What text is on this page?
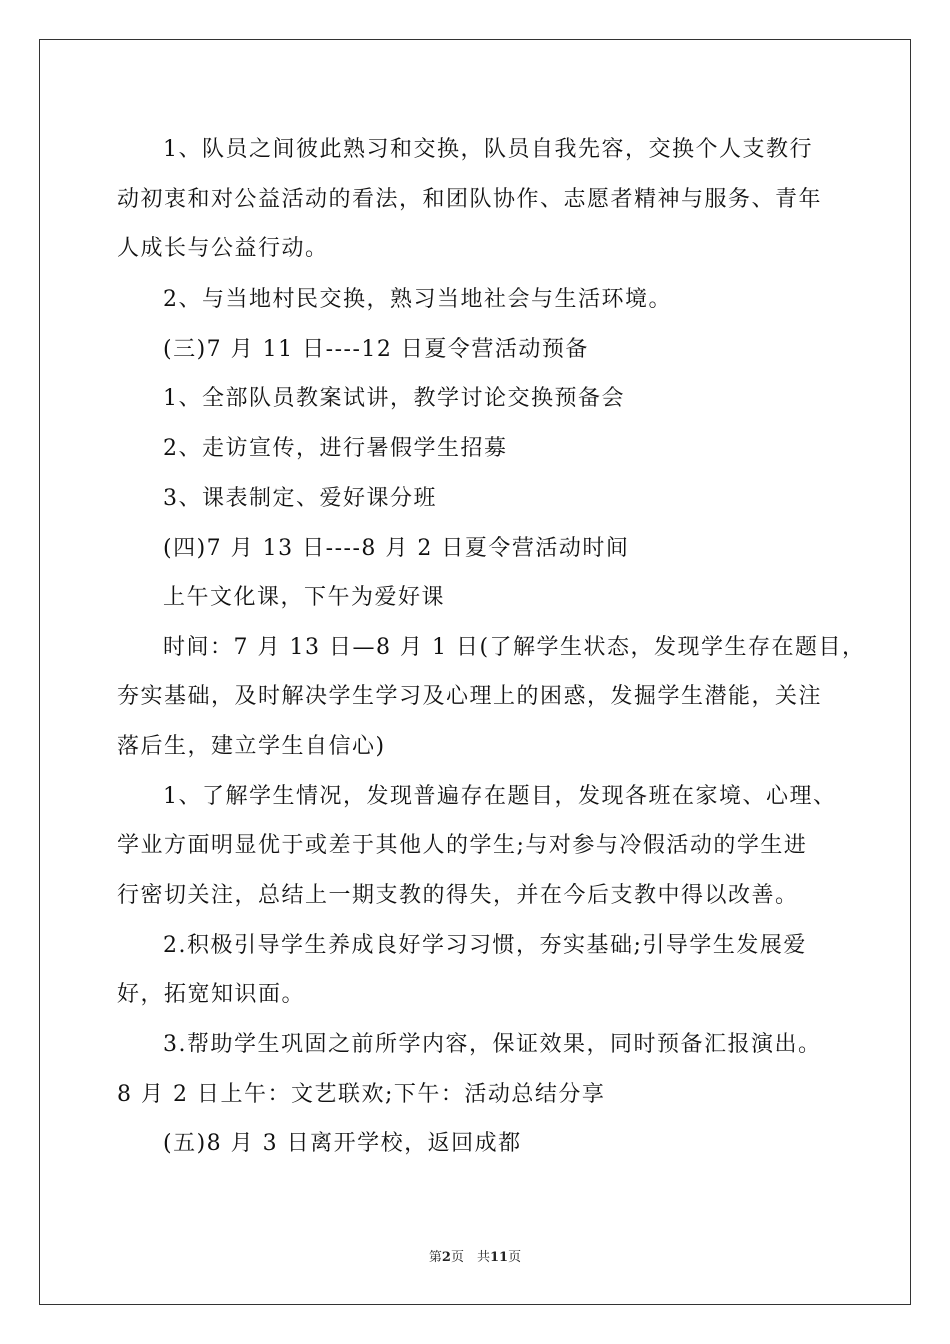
1、队员之间彼此熟习和交换，队员自我先容，交换个人支教行
动初衷和对公益活动的看法，和团队协作、志愿者精神与服务、青年
人成长与公益行动。
2、与当地村民交换，熟习当地社会与生活环境。
(三)7 月 11 日----12 日夏令营活动预备
1、全部队员教案试讲，教学讨论交换预备会
2、走访宣传，进行暑假学生招募
3、课表制定、爱好课分班
(四)7 月 13 日----8 月 2 日夏令营活动时间
上午文化课，下午为爱好课
时间：7 月 13 日—8 月 1 日(了解学生状态，发现学生存在题目，
夯实基础，及时解决学生学习及心理上的困惑，发掘学生潜能，关注
落后生，建立学生自信心)
1、了解学生情况，发现普遍存在题目，发现各班在家境、心理、
学业方面明显优于或差于其他人的学生;与对参与冷假活动的学生进
行密切关注，总结上一期支教的得失，并在今后支教中得以改善。
2.积极引导学生养成良好学习习惯，夯实基础;引导学生发展爱
好，拓宽知识面。
3.帮助学生巩固之前所学内容，保证效果，同时预备汇报演出。
8 月 2 日上午：文艺联欢;下午：活动总结分享
(五)8 月 3 日离开学校，返回成都
第2页　共11页
